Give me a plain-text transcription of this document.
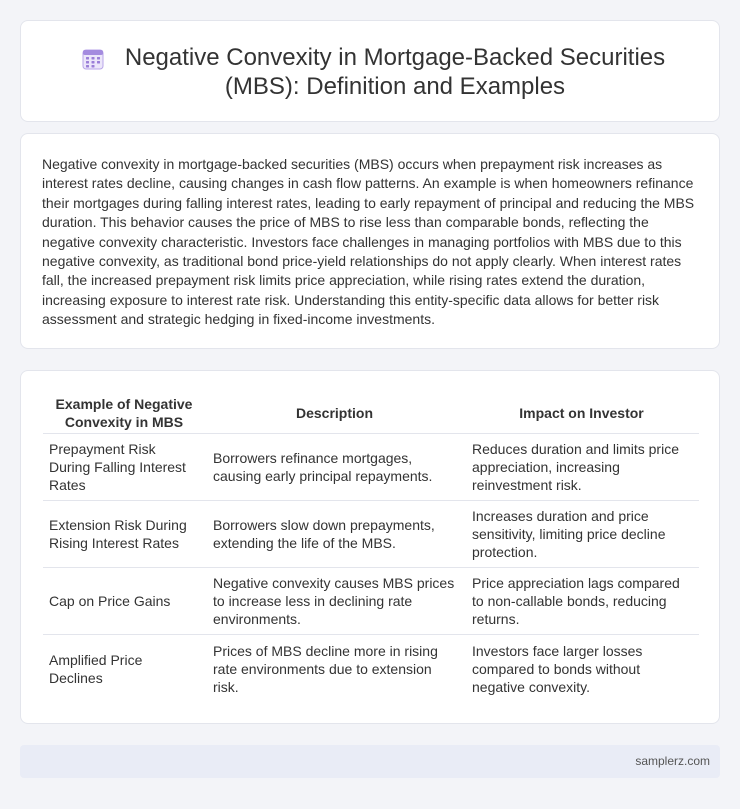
Negative Convexity in Mortgage-Backed Securities (MBS): Definition and Examples

Negative convexity in mortgage-backed securities (MBS) occurs when prepayment risk increases as interest rates decline, causing changes in cash flow patterns. An example is when homeowners refinance their mortgages during falling interest rates, leading to early repayment of principal and reducing the MBS duration. This behavior causes the price of MBS to rise less than comparable bonds, reflecting the negative convexity characteristic. Investors face challenges in managing portfolios with MBS due to this negative convexity, as traditional bond price-yield relationships do not apply clearly. When interest rates fall, the increased prepayment risk limits price appreciation, while rising rates extend the duration, increasing exposure to interest rate risk. Understanding this entity-specific data allows for better risk assessment and strategic hedging in fixed-income investments.

Example of Negative Convexity in MBS	Description	Impact on Investor
Prepayment Risk During Falling Interest Rates	Borrowers refinance mortgages, causing early principal repayments.	Reduces duration and limits price appreciation, increasing reinvestment risk.
Extension Risk During Rising Interest Rates	Borrowers slow down prepayments, extending the life of the MBS.	Increases duration and price sensitivity, limiting price decline protection.
Cap on Price Gains	Negative convexity causes MBS prices to increase less in declining rate environments.	Price appreciation lags compared to non-callable bonds, reducing returns.
Amplified Price Declines	Prices of MBS decline more in rising rate environments due to extension risk.	Investors face larger losses compared to bonds without negative convexity.
samplerz.com
